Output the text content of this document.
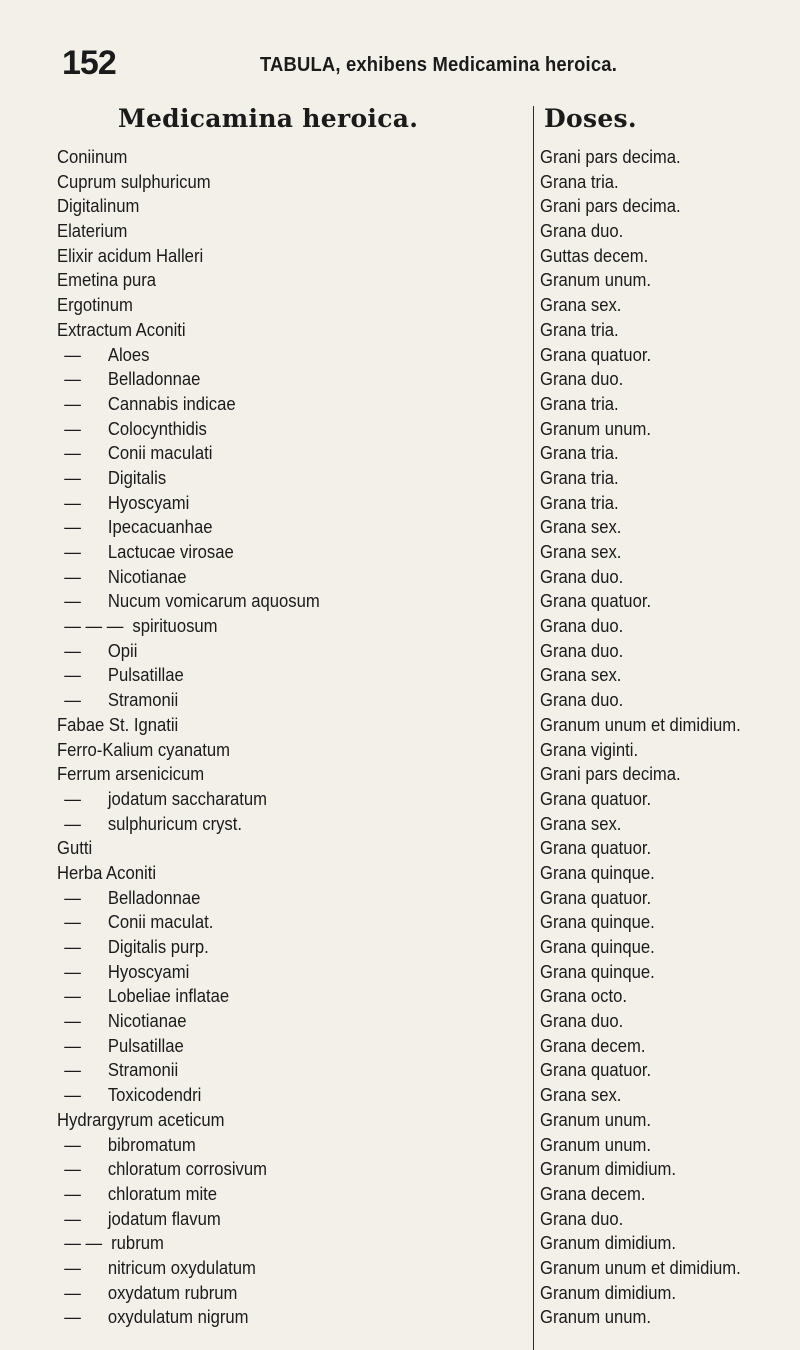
152	TABULA, exhibens Medicamina heroica.
Medicamina heroica.	Doses.
Coniinum
Cuprum sulphuricum
Digitalinum
Elaterium
Elixir acidum Halleri
Emetina pura
Ergotinum
Extractum Aconiti
— Aloes
— Belladonnae
— Cannabis indicae
— Colocynthidis
— Conii maculati
— Digitalis
— Hyoscyami
— Ipecacuanhae
— Lactucae virosae
— Nicotianae
— Nucum vomicarum aquosum
— — — spirituosum
— Opii
— Pulsatillae
— Stramonii
Fabae St. Ignatii
Ferro-Kalium cyanatum
Ferrum arsenicicum
— jodatum saccharatum
— sulphuricum cryst.
Gutti
Herba Aconiti
— Belladonnae
— Conii maculat.
— Digitalis purp.
— Hyoscyami
— Lobeliae inflatae
— Nicotianae
— Pulsatillae
— Stramonii
— Toxicodendri
Hydrargyrum aceticum
— bibromatum
— chloratum corrosivum
— chloratum mite
— jodatum flavum
— — rubrum
— nitricum oxydulatum
— oxydatum rubrum
— oxydulatum nigrum
Grani pars decima.
Grana tria.
Grani pars decima.
Grana duo.
Guttas decem.
Granum unum.
Grana sex.
Grana tria.
Grana quatuor.
Grana duo.
Grana tria.
Granum unum.
Grana tria.
Grana tria.
Grana tria.
Grana sex.
Grana sex.
Grana duo.
Grana quatuor.
Grana duo.
Grana duo.
Grana sex.
Grana duo.
Granum unum et dimidium.
Grana viginti.
Grani pars decima.
Grana quatuor.
Grana sex.
Grana quatuor.
Grana quinque.
Grana quatuor.
Grana quinque.
Grana quinque.
Grana quinque.
Grana octo.
Grana duo.
Grana decem.
Grana quatuor.
Grana sex.
Granum unum.
Granum unum.
Granum dimidium.
Grana decem.
Grana duo.
Granum dimidium.
Granum unum et dimidium.
Granum dimidium.
Granum unum.
